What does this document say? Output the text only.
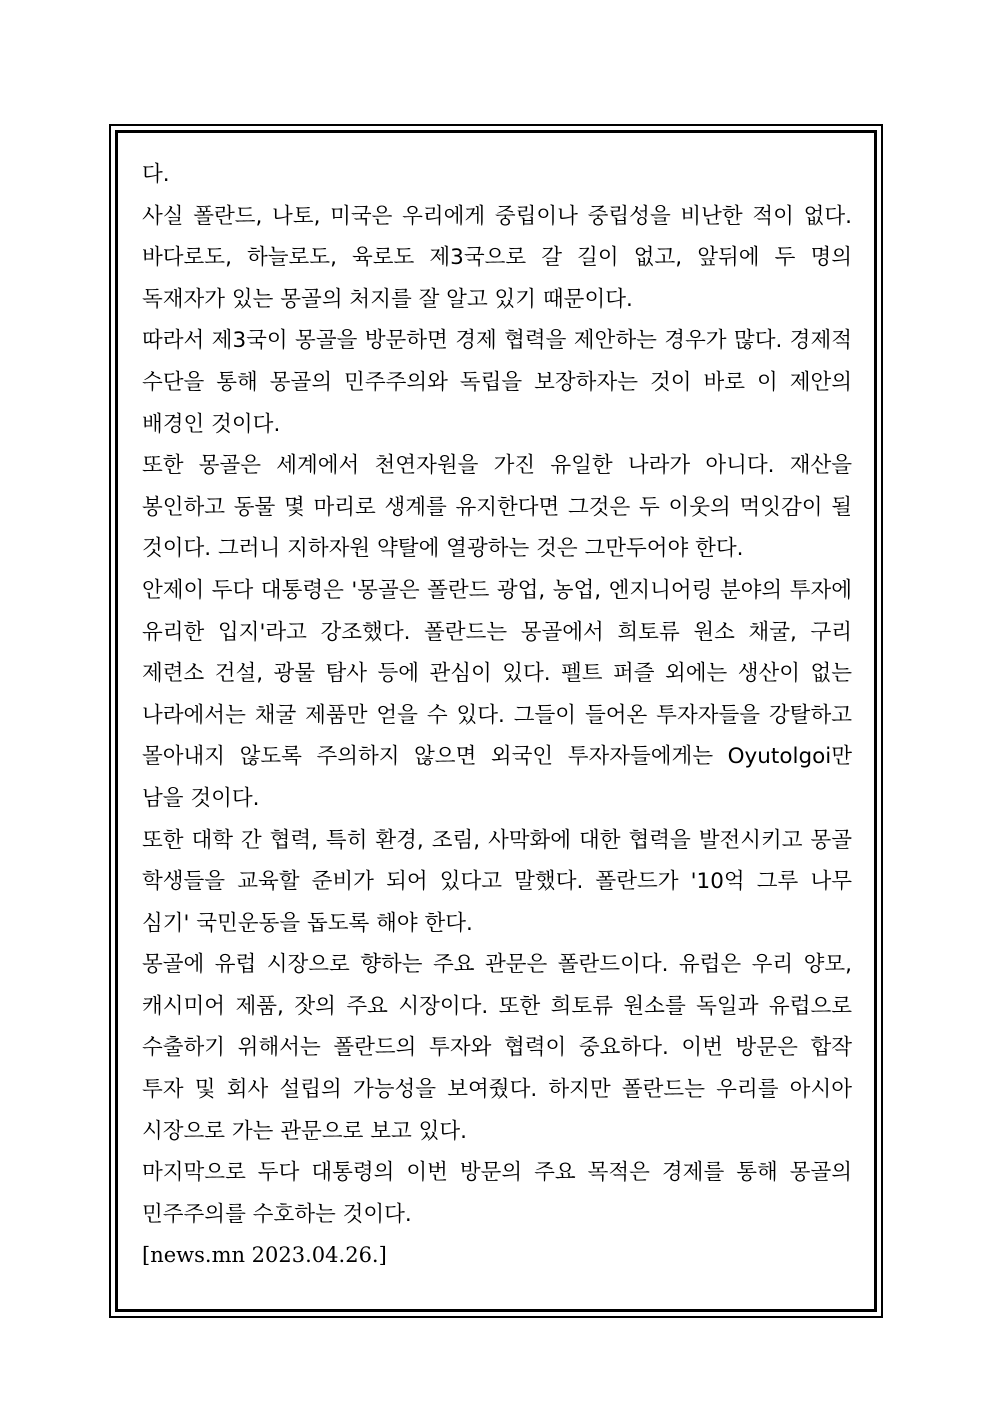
다.

사실 폴란드, 나토, 미국은 우리에게 중립이나 중립성을 비난한 적이 없다. 바다로도, 하늘로도, 육로도 제3국으로 갈 길이 없고, 앞뒤에 두 명의 독재자가 있는 몽골의 처지를 잘 알고 있기 때문이다.

따라서 제3국이 몽골을 방문하면 경제 협력을 제안하는 경우가 많다. 경제적 수단을 통해 몽골의 민주주의와 독립을 보장하자는 것이 바로 이 제안의 배경인 것이다.

또한 몽골은 세계에서 천연자원을 가진 유일한 나라가 아니다. 재산을 봉인하고 동물 몇 마리로 생계를 유지한다면 그것은 두 이웃의 먹잇감이 될 것이다. 그러니 지하자원 약탈에 열광하는 것은 그만두어야 한다.

안제이 두다 대통령은 '몽골은 폴란드 광업, 농업, 엔지니어링 분야의 투자에 유리한 입지'라고 강조했다. 폴란드는 몽골에서 희토류 원소 채굴, 구리 제련소 건설, 광물 탐사 등에 관심이 있다. 펠트 퍼즐 외에는 생산이 없는 나라에서는 채굴 제품만 얻을 수 있다. 그들이 들어온 투자자들을 강탈하고 몰아내지 않도록 주의하지 않으면 외국인 투자자들에게는 Oyutolgoi만 남을 것이다.

또한 대학 간 협력, 특히 환경, 조림, 사막화에 대한 협력을 발전시키고 몽골 학생들을 교육할 준비가 되어 있다고 말했다. 폴란드가 '10억 그루 나무 심기' 국민운동을 돕도록 해야 한다.

몽골에 유럽 시장으로 향하는 주요 관문은 폴란드이다. 유럽은 우리 양모, 캐시미어 제품, 잣의 주요 시장이다. 또한 희토류 원소를 독일과 유럽으로 수출하기 위해서는 폴란드의 투자와 협력이 중요하다. 이번 방문은 합작 투자 및 회사 설립의 가능성을 보여줬다. 하지만 폴란드는 우리를 아시아 시장으로 가는 관문으로 보고 있다.

마지막으로 두다 대통령의 이번 방문의 주요 목적은 경제를 통해 몽골의 민주주의를 수호하는 것이다.

[news.mn 2023.04.26.]
